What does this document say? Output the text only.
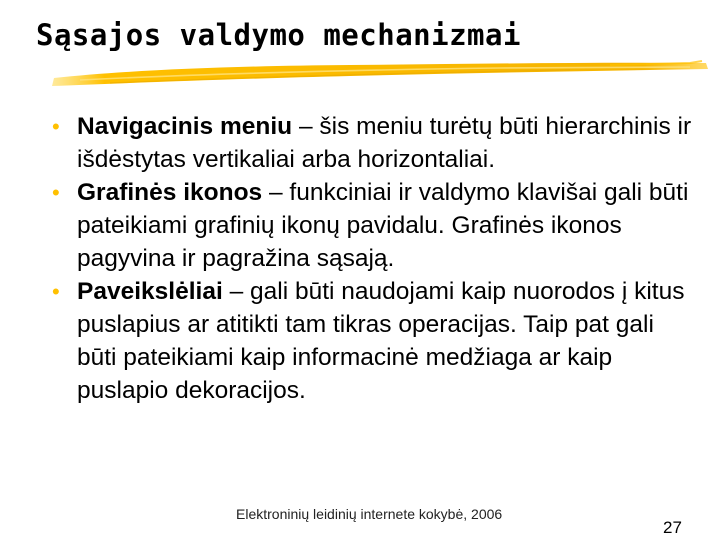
Sąsajos valdymo mechanizmai
• Navigacinis meniu – šis meniu turėtų būti hierarchinis ir išdėstytas vertikaliai arba horizontaliai.
• Grafinės ikonos – funkciniai ir valdymo klavišai gali būti pateikiami grafinių ikonų pavidalu. Grafinės ikonos pagyvina ir pagražina sąsają.
• Paveikslėliai – gali būti naudojami kaip nuorodos į kitus puslapius ar atitikti tam tikras operacijas. Taip pat gali būti pateikiami kaip informacinė medžiaga ar kaip puslapio dekoracijos.
Elektroninių leidinių internete kokybė, 2006
27
